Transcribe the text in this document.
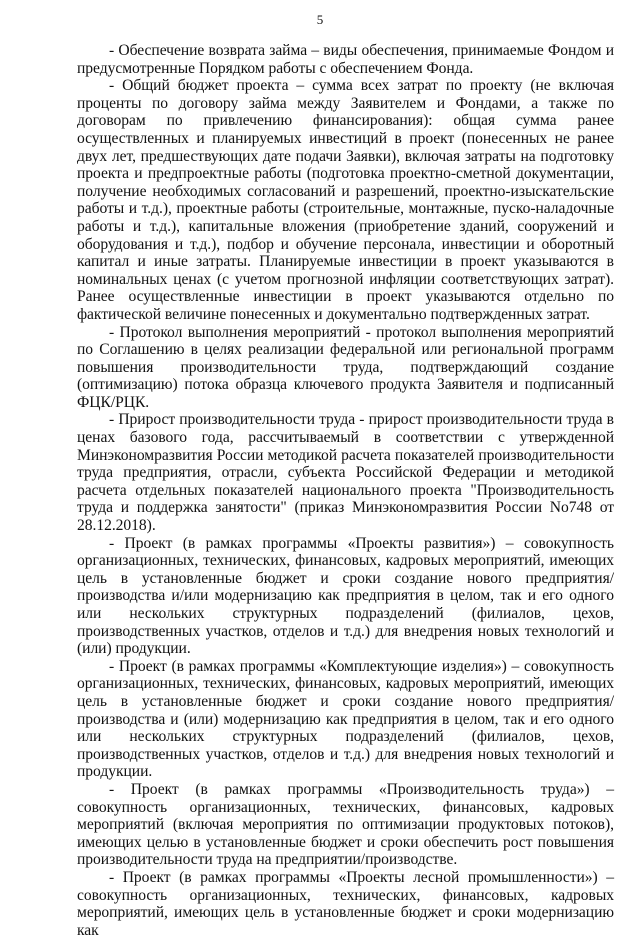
5

- Обеспечение возврата займа – виды обеспечения, принимаемые Фондом и предусмотренные Порядком работы с обеспечением Фонда.

- Общий бюджет проекта – сумма всех затрат по проекту (не включая проценты по договору займа между Заявителем и Фондами, а также по договорам по привлечению финансирования): общая сумма ранее осуществленных и планируемых инвестиций в проект (понесенных не ранее двух лет, предшествующих дате подачи Заявки), включая затраты на подготовку проекта и предпроектные работы (подготовка проектно-сметной документации, получение необходимых согласований и разрешений, проектно-изыскательские работы и т.д.), проектные работы (строительные, монтажные, пуско-наладочные работы и т.д.), капитальные вложения (приобретение зданий, сооружений и оборудования и т.д.), подбор и обучение персонала, инвестиции и оборотный капитал и иные затраты. Планируемые инвестиции в проект указываются в номинальных ценах (с учетом прогнозной инфляции соответствующих затрат). Ранее осуществленные инвестиции в проект указываются отдельно по фактической величине понесенных и документально подтвержденных затрат.

- Протокол выполнения мероприятий - протокол выполнения мероприятий по Соглашению в целях реализации федеральной или региональной программ повышения производительности труда, подтверждающий создание (оптимизацию) потока образца ключевого продукта Заявителя и подписанный ФЦК/РЦК.

- Прирост производительности труда - прирост производительности труда в ценах базового года, рассчитываемый в соответствии с утвержденной Минэкономразвития России методикой расчета показателей производительности труда предприятия, отрасли, субъекта Российской Федерации и методикой расчета отдельных показателей национального проекта "Производительность труда и поддержка занятости" (приказ Минэкономразвития России No748 от 28.12.2018).

- Проект (в рамках программы «Проекты развития») – совокупность организационных, технических, финансовых, кадровых мероприятий, имеющих цель в установленные бюджет и сроки создание нового предприятия/производства и/или модернизацию как предприятия в целом, так и его одного или нескольких структурных подразделений (филиалов, цехов, производственных участков, отделов и т.д.) для внедрения новых технологий и (или) продукции.

- Проект (в рамках программы «Комплектующие изделия») – совокупность организационных, технических, финансовых, кадровых мероприятий, имеющих цель в установленные бюджет и сроки создание нового предприятия/производства и (или) модернизацию как предприятия в целом, так и его одного или нескольких структурных подразделений (филиалов, цехов, производственных участков, отделов и т.д.) для внедрения новых технологий и продукции.

- Проект (в рамках программы «Производительность труда») – совокупность организационных, технических, финансовых, кадровых мероприятий (включая мероприятия по оптимизации продуктовых потоков), имеющих целью в установленные бюджет и сроки обеспечить рост повышения производительности труда на предприятии/производстве.

- Проект (в рамках программы «Проекты лесной промышленности») – совокупность организационных, технических, финансовых, кадровых мероприятий, имеющих цель в установленные бюджет и сроки модернизацию как
